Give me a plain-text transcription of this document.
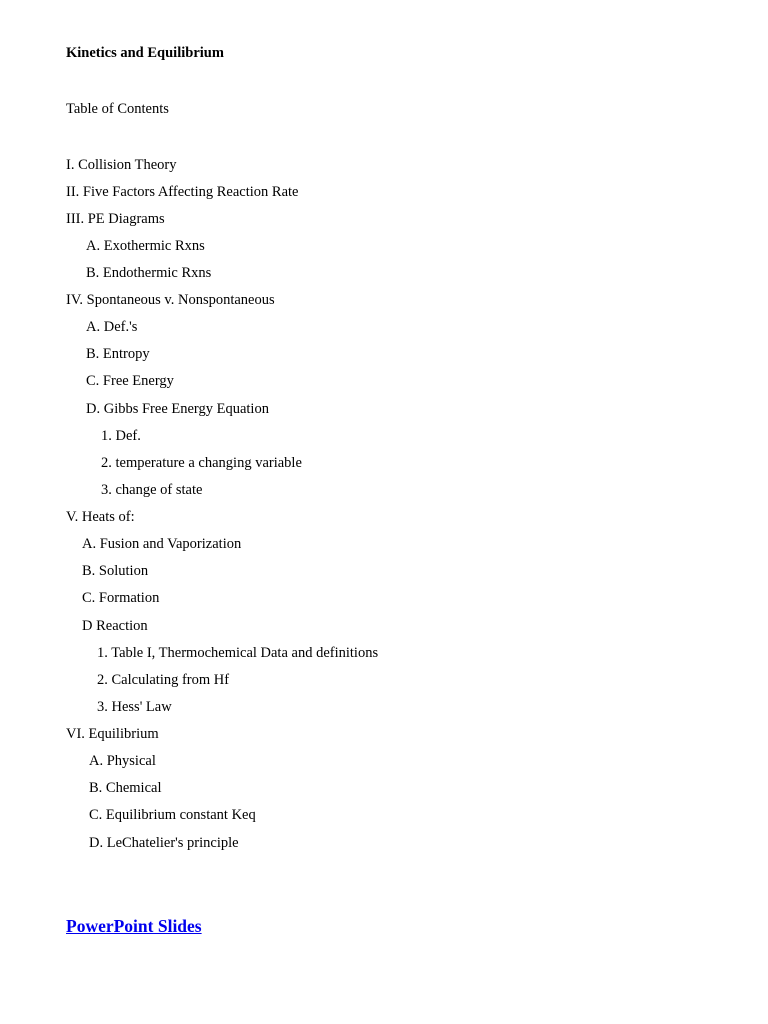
Kinetics and Equilibrium
Table of Contents
I. Collision Theory
II. Five Factors Affecting Reaction Rate
III. PE Diagrams
A. Exothermic Rxns
B. Endothermic Rxns
IV. Spontaneous v. Nonspontaneous
A. Def.'s
B. Entropy
C. Free Energy
D. Gibbs Free Energy Equation
1. Def.
2. temperature a changing variable
3. change of state
V. Heats of:
A. Fusion and Vaporization
B. Solution
C. Formation
D Reaction
1. Table I, Thermochemical Data and definitions
2. Calculating from Hf
3. Hess' Law
VI. Equilibrium
A. Physical
B. Chemical
C. Equilibrium constant Keq
D. LeChatelier's principle
PowerPoint Slides
